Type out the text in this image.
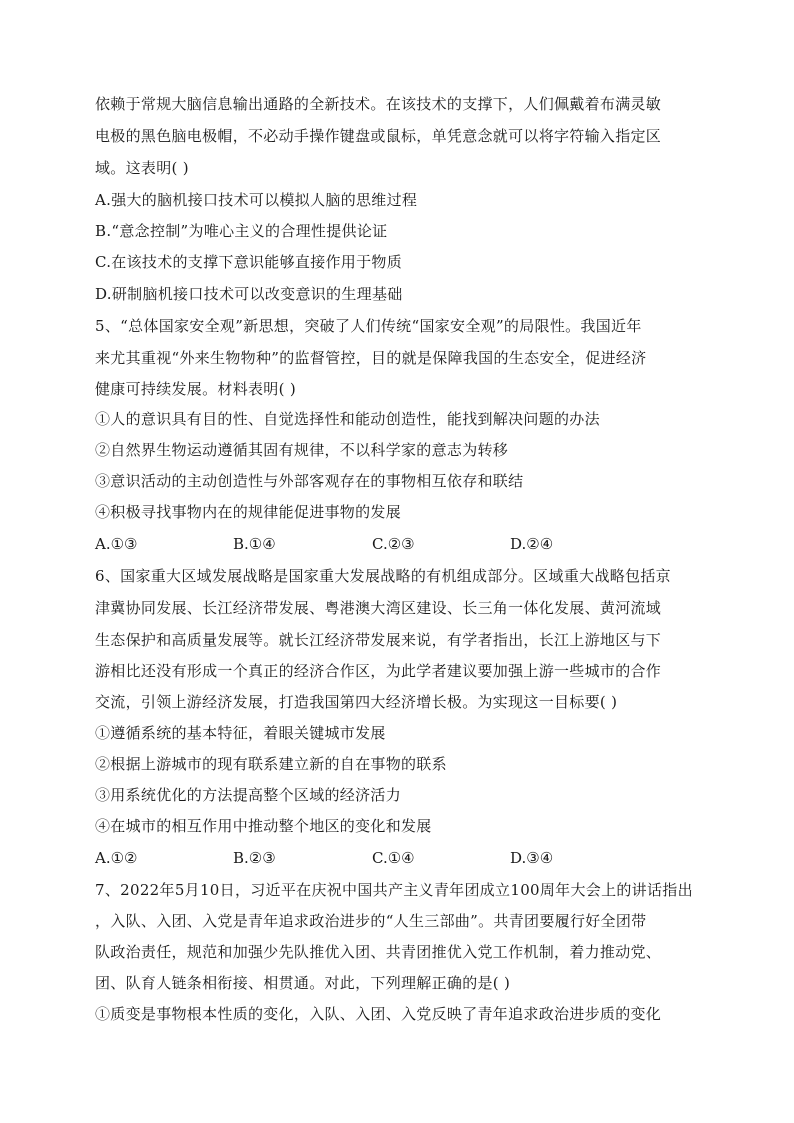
依赖于常规大脑信息输出通路的全新技术。在该技术的支撑下，人们佩戴着布满灵敏
电极的黑色脑电极帽，不必动手操作键盘或鼠标，单凭意念就可以将字符输入指定区
域。这表明( )
A.强大的脑机接口技术可以模拟人脑的思维过程
B.“意念控制”为唯心主义的合理性提供论证
C.在该技术的支撑下意识能够直接作用于物质
D.研制脑机接口技术可以改变意识的生理基础
5、“总体国家安全观”新思想，突破了人们传统“国家安全观”的局限性。我国近年
来尤其重视“外来生物物种”的监督管控，目的就是保障我国的生态安全，促进经济
健康可持续发展。材料表明( )
①人的意识具有目的性、自觉选择性和能动创造性，能找到解决问题的办法
②自然界生物运动遵循其固有规律，不以科学家的意志为转移
③意识活动的主动创造性与外部客观存在的事物相互依存和联结
④积极寻找事物内在的规律能促进事物的发展
A.①③	B.①④	C.②③	D.②④
6、国家重大区域发展战略是国家重大发展战略的有机组成部分。区域重大战略包括京
津冀协同发展、长江经济带发展、粤港澳大湾区建设、长三角一体化发展、黄河流域
生态保护和高质量发展等。就长江经济带发展来说，有学者指出，长江上游地区与下
游相比还没有形成一个真正的经济合作区，为此学者建议要加强上游一些城市的合作
交流，引领上游经济发展，打造我国第四大经济增长极。为实现这一目标要( )
①遵循系统的基本特征，着眼关键城市发展
②根据上游城市的现有联系建立新的自在事物的联系
③用系统优化的方法提高整个区域的经济活力
④在城市的相互作用中推动整个地区的变化和发展
A.①②	B.②③	C.①④	D.③④
7、2022年5月10日，习近平在庆祝中国共产主义青年团成立100周年大会上的讲话指出
，入队、入团、入党是青年追求政治进步的“人生三部曲”。共青团要履行好全团带
队政治责任，规范和加强少先队推优入团、共青团推优入党工作机制，着力推动党、
团、队育人链条相衔接、相贯通。对此，下列理解正确的是( )
①质变是事物根本性质的变化，入队、入团、入党反映了青年追求政治进步质的变化
